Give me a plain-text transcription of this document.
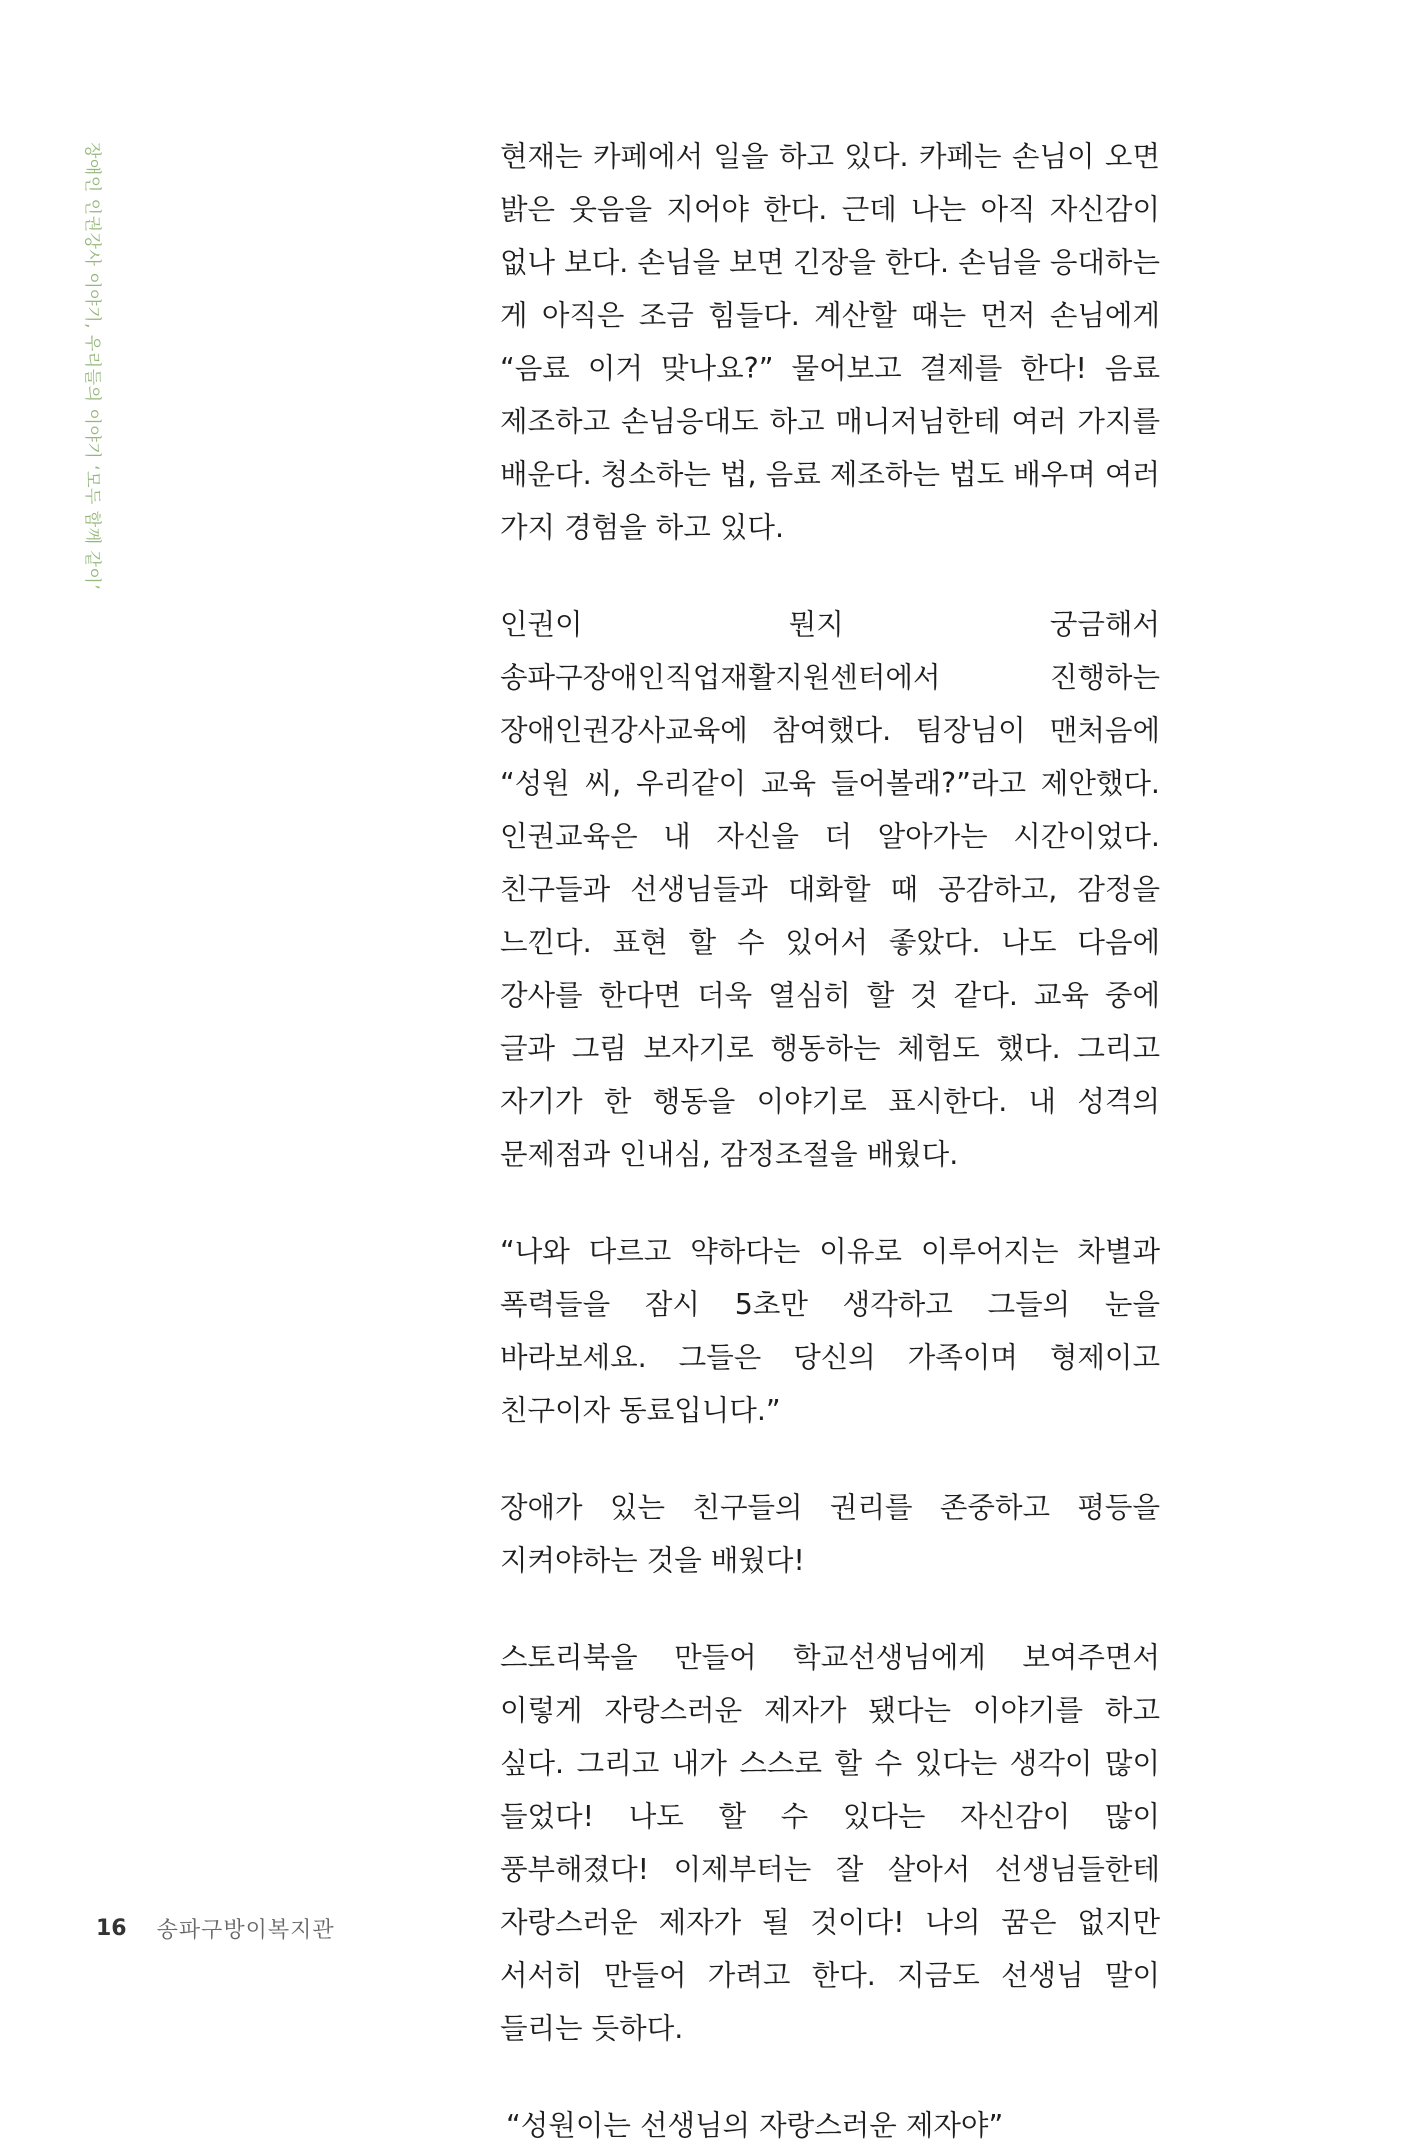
장애인 인권강사 이야기, 우리들의 이야기 ‘모두 함께 같이’	현재는 카페에서 일을 하고 있다. 카페는 손님이 오면 밝은 웃음을 지어야 한다. 근데 나는 아직 자신감이 없나 보다. 손님을 보면 긴장을 한다. 손님을 응대하는 게 아직은 조금 힘들다. 계산할 때는 먼저 손님에게 “음료 이거 맞나요?” 물어보고 결제를 한다! 음료 제조하고 손님응대도 하고 매니저님한테 여러 가지를 배운다. 청소하는 법, 음료 제조하는 법도 배우며 여러 가지 경험을 하고 있다.

인권이 뭔지 궁금해서 송파구장애인직업재활지원센터에서 진행하는 장애인권강사교육에 참여했다. 팀장님이 맨처음에 “성원 씨, 우리같이 교육 들어볼래?”라고 제안했다. 인권교육은 내 자신을 더 알아가는 시간이었다. 친구들과 선생님들과 대화할 때 공감하고, 감정을 느낀다. 표현 할 수 있어서 좋았다. 나도 다음에 강사를 한다면 더욱 열심히 할 것 같다. 교육 중에 글과 그림 보자기로 행동하는 체험도 했다. 그리고 자기가 한 행동을 이야기로 표시한다. 내 성격의 문제점과 인내심, 감정조절을 배웠다.

“나와 다르고 약하다는 이유로 이루어지는 차별과 폭력들을 잠시 5초만 생각하고 그들의 눈을 바라보세요. 그들은 당신의 가족이며 형제이고 친구이자 동료입니다.”

장애가 있는 친구들의 권리를 존중하고 평등을 지켜야하는 것을 배웠다!

스토리북을 만들어 학교선생님에게 보여주면서 이렇게 자랑스러운 제자가 됐다는 이야기를 하고 싶다. 그리고 내가 스스로 할 수 있다는 생각이 많이 들었다! 나도 할 수 있다는 자신감이 많이 풍부해졌다! 이제부터는 잘 살아서 선생님들한테 자랑스러운 제자가 될 것이다! 나의 꿈은 없지만 서서히 만들어 가려고 한다. 지금도 선생님 말이 들리는 듯하다.

“성원이는 선생님의 자랑스러운 제자야”

16 송파구방이복지관
